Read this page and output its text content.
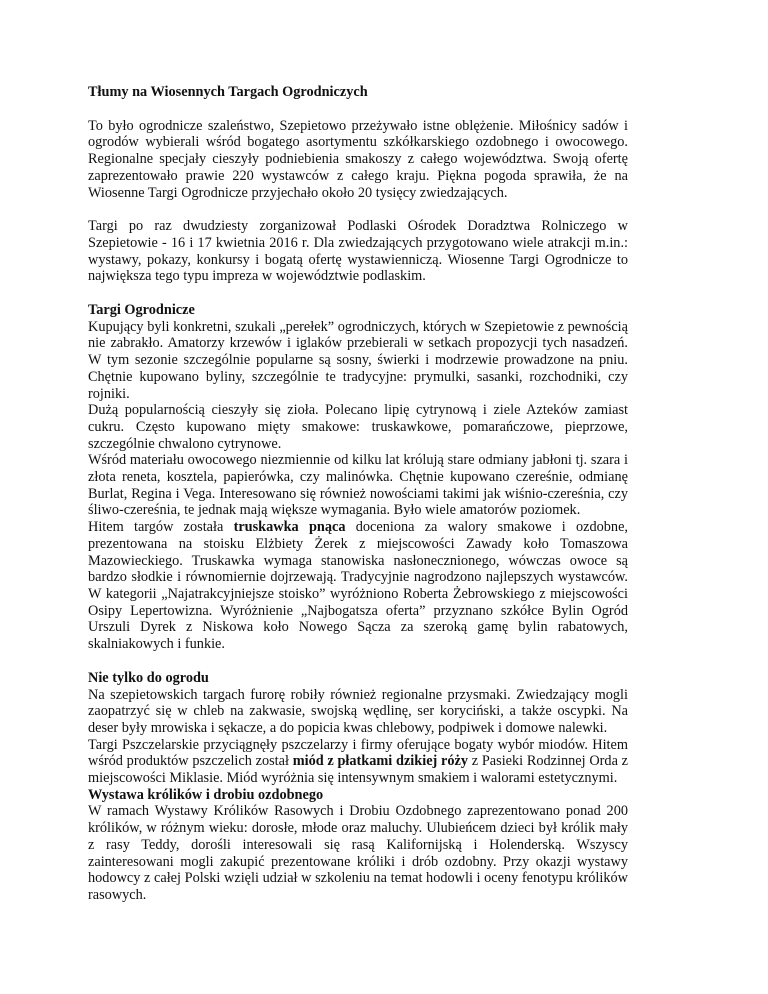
Tłumy na Wiosennych Targach Ogrodniczych

To było ogrodnicze szaleństwo, Szepietowo przeżywało istne oblężenie. Miłośnicy sadów i ogrodów wybierali wśród bogatego asortymentu szkółkarskiego ozdobnego i owocowego. Regionalne specjały cieszyły podniebienia smakoszy z całego województwa. Swoją ofertę zaprezentowało prawie 220 wystawców z całego kraju. Piękna pogoda sprawiła, że na Wiosenne Targi Ogrodnicze przyjechało około 20 tysięcy zwiedzających.

Targi po raz dwudziesty zorganizował Podlaski Ośrodek Doradztwa Rolniczego w Szepietowie - 16 i 17 kwietnia 2016 r. Dla zwiedzających przygotowano wiele atrakcji m.in.: wystawy, pokazy, konkursy i bogatą ofertę wystawienniczą. Wiosenne Targi Ogrodnicze to największa tego typu impreza w województwie podlaskim.

Targi Ogrodnicze

Kupujący byli konkretni, szukali „perełek” ogrodniczych, których w Szepietowie z pewnością nie zabrakło. Amatorzy krzewów i iglaków przebierali w setkach propozycji tych nasadzeń. W tym sezonie szczególnie popularne są sosny, świerki i modrzewie prowadzone na pniu. Chętnie kupowano byliny, szczególnie te tradycyjne: prymulki, sasanki, rozchodniki, czy rojniki.

Dużą popularnością cieszyły się zioła. Polecano lipię cytrynową i ziele Azteków zamiast cukru. Często kupowano mięty smakowe: truskawkowe, pomarańczowe, pieprzowe, szczególnie chwalono cytrynowe.

Wśród materiału owocowego niezmiennie od kilku lat królują stare odmiany jabłoni tj. szara i złota reneta, kosztela, papierówka, czy malinówka. Chętnie kupowano czereśnie, odmianę Burlat, Regina i Vega. Interesowano się również nowościami takimi jak wiśnio-czereśnia, czy śliwo-czereśnia, te jednak mają większe wymagania. Było wiele amatorów poziomek.

Hitem targów została truskawka pnąca doceniona za walory smakowe i ozdobne, prezentowana na stoisku Elżbiety Żerek z miejscowości Zawady koło Tomaszowa Mazowieckiego. Truskawka wymaga stanowiska nasłonecznionego, wówczas owoce są bardzo słodkie i równomiernie dojrzewają. Tradycyjnie nagrodzono najlepszych wystawców. W kategorii „Najatrakcyjniejsze stoisko” wyróżniono Roberta Żebrowskiego z miejscowości Osipy Lepertowizna. Wyróżnienie „Najbogatsza oferta” przyznano szkółce Bylin Ogród Urszuli Dyrek z Niskowa koło Nowego Sącza za szeroką gamę bylin rabatowych, skalniakowych i funkie.

Nie tylko do ogrodu

Na szepietowskich targach furorę robiły również regionalne przysmaki. Zwiedzający mogli zaopatrzyć się w chleb na zakwasie, swojską wędlinę, ser koryciński, a także oscypki. Na deser były mrowiska i sękacze, a do popicia kwas chlebowy, podpiwek i domowe nalewki.

Targi Pszczelarskie przyciągnęły pszczelarzy i firmy oferujące bogaty wybór miodów. Hitem wśród produktów pszczelich został miód z płatkami dzikiej róży z Pasieki Rodzinnej Orda z miejscowości Miklasie. Miód wyróżnia się intensywnym smakiem i walorami estetycznymi.

Wystawa królików i drobiu ozdobnego

W ramach Wystawy Królików Rasowych i Drobiu Ozdobnego zaprezentowano ponad 200 królików, w różnym wieku: dorosłe, młode oraz maluchy. Ulubieńcem dzieci był królik mały z rasy Teddy, dorośli interesowali się rasą Kalifornijską i Holenderską. Wszyscy zainteresowani mogli zakupić prezentowane króliki i drób ozdobny. Przy okazji wystawy hodowcy z całej Polski wzięli udział w szkoleniu na temat hodowli i oceny fenotypu królików rasowych.
